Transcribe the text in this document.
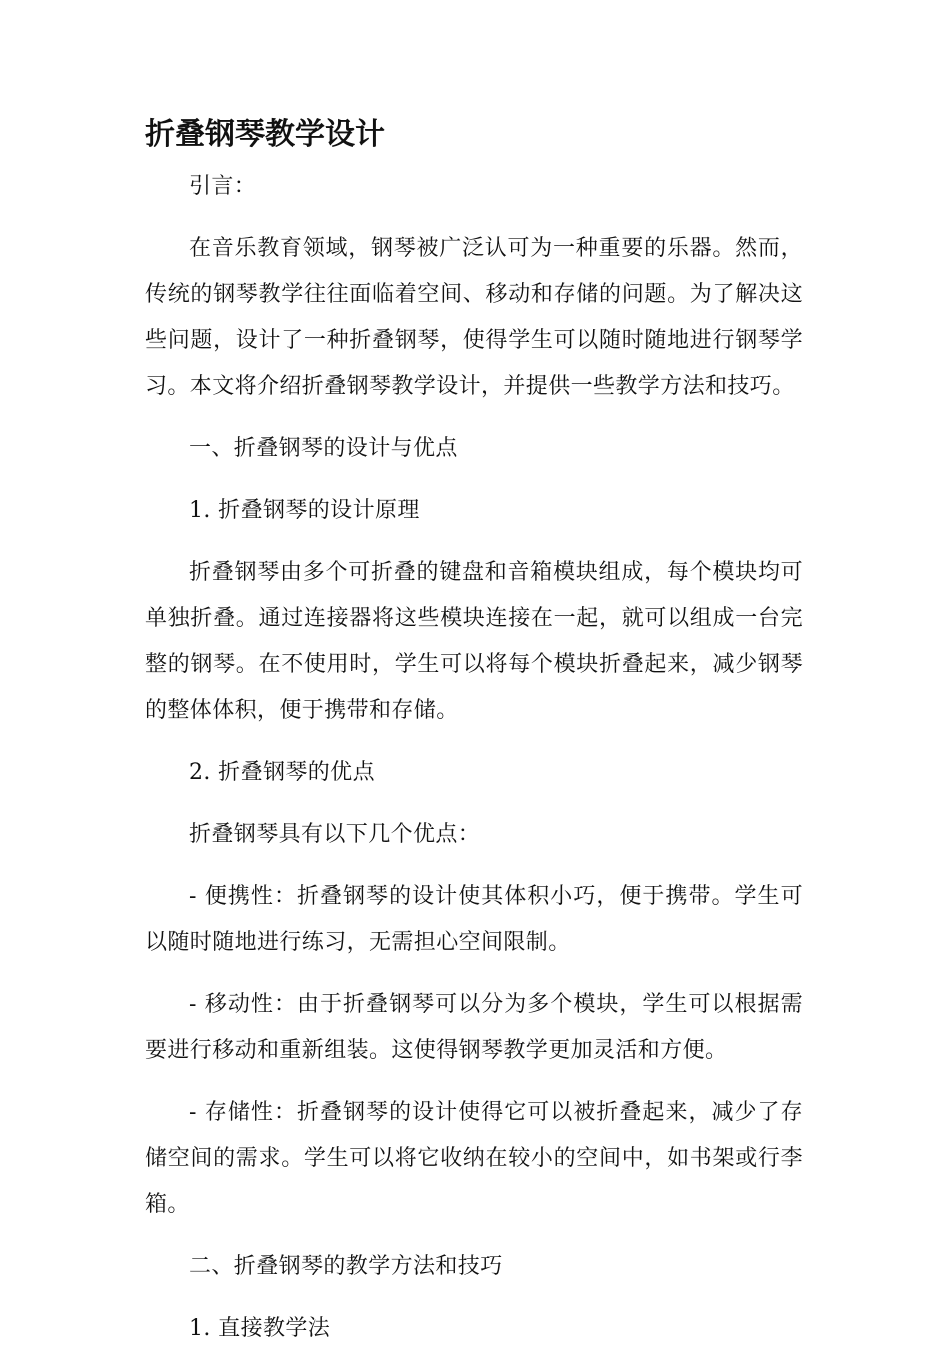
折叠钢琴教学设计

引言：

在音乐教育领域，钢琴被广泛认可为一种重要的乐器。然而，传统的钢琴教学往往面临着空间、移动和存储的问题。为了解决这些问题，设计了一种折叠钢琴，使得学生可以随时随地进行钢琴学习。本文将介绍折叠钢琴教学设计，并提供一些教学方法和技巧。

一、折叠钢琴的设计与优点

1. 折叠钢琴的设计原理

折叠钢琴由多个可折叠的键盘和音箱模块组成，每个模块均可单独折叠。通过连接器将这些模块连接在一起，就可以组成一台完整的钢琴。在不使用时，学生可以将每个模块折叠起来，减少钢琴的整体体积，便于携带和存储。

2. 折叠钢琴的优点

折叠钢琴具有以下几个优点：

- 便携性：折叠钢琴的设计使其体积小巧，便于携带。学生可以随时随地进行练习，无需担心空间限制。

- 移动性：由于折叠钢琴可以分为多个模块，学生可以根据需要进行移动和重新组装。这使得钢琴教学更加灵活和方便。

- 存储性：折叠钢琴的设计使得它可以被折叠起来，减少了存储空间的需求。学生可以将它收纳在较小的空间中，如书架或行李箱。

二、折叠钢琴的教学方法和技巧

1. 直接教学法
